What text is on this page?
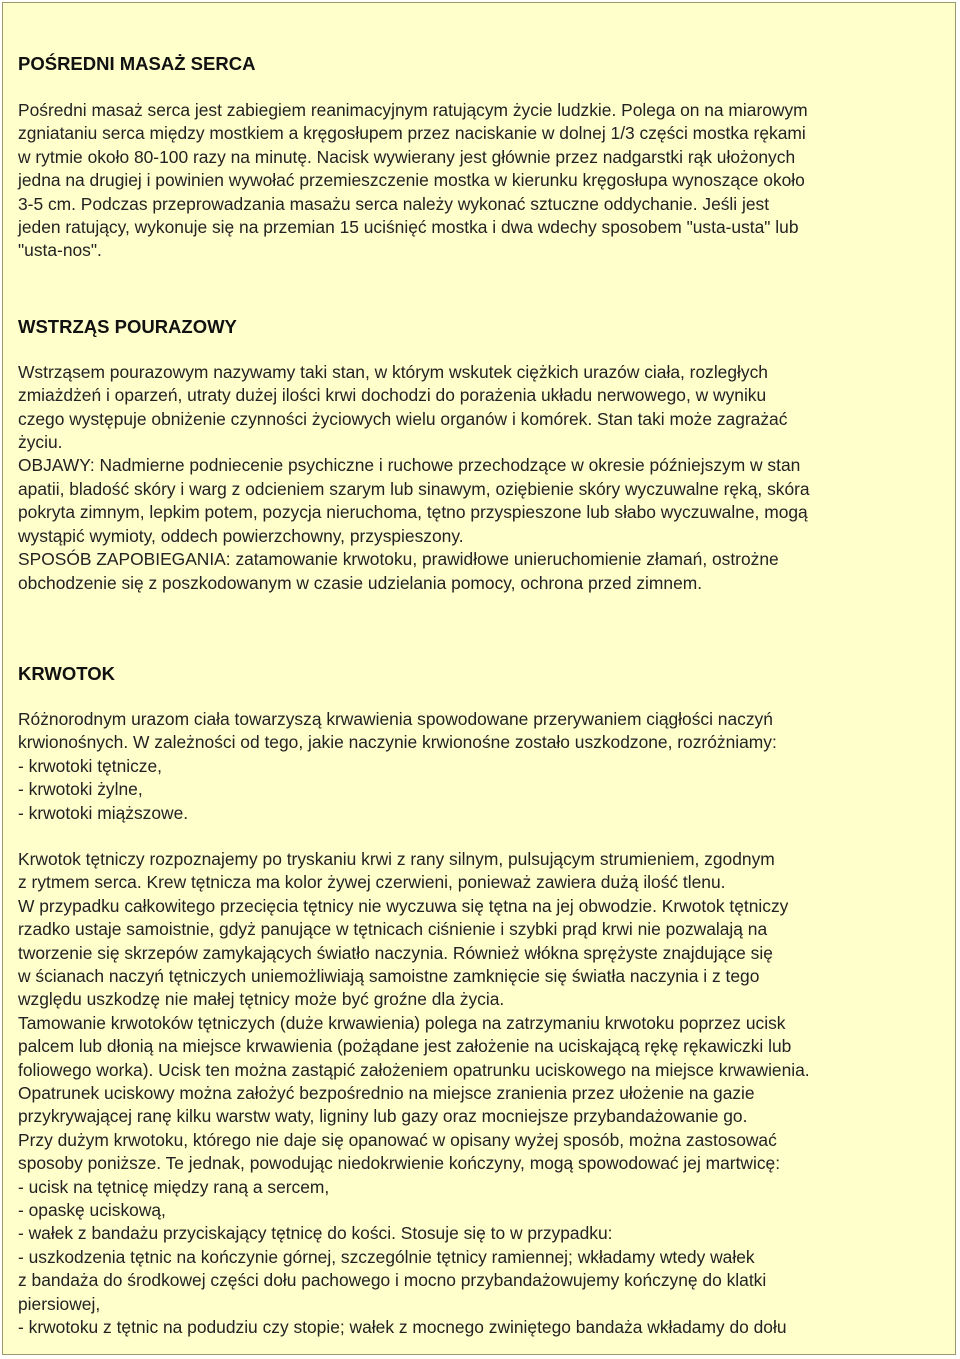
POŚREDNI MASAŻ SERCA
Pośredni masaż serca jest zabiegiem reanimacyjnym ratującym życie ludzkie. Polega on na miarowym
zgniataniu serca między mostkiem a kręgosłupem przez naciskanie w dolnej 1/3 części mostka rękami
w rytmie około 80-100 razy na minutę. Nacisk wywierany jest głównie przez nadgarstki rąk ułożonych
jedna na drugiej i powinien wywołać przemieszczenie mostka w kierunku kręgosłupa wynoszące około
3-5 cm. Podczas przeprowadzania masażu serca należy wykonać sztuczne oddychanie. Jeśli jest
jeden ratujący, wykonuje się na przemian 15 uciśnięć mostka i dwa wdechy sposobem "usta-usta" lub
"usta-nos".
WSTRZĄS POURAZOWY
Wstrząsem pourazowym nazywamy taki stan, w którym wskutek ciężkich urazów ciała, rozległych
zmiażdżeń i oparzeń, utraty dużej ilości krwi dochodzi do porażenia układu nerwowego, w wyniku
czego występuje obniżenie czynności życiowych wielu organów i komórek. Stan taki może zagrażać
życiu.
OBJAWY: Nadmierne podniecenie psychiczne i ruchowe przechodzące w okresie późniejszym w stan
apatii, bladość skóry i warg z odcieniem szarym lub sinawym, oziębienie skóry wyczuwalne ręką, skóra
pokryta zimnym, lepkim potem, pozycja nieruchoma, tętno przyspieszone lub słabo wyczuwalne, mogą
wystąpić wymioty, oddech powierzchowny, przyspieszony.
SPOSÓB ZAPOBIEGANIA: zatamowanie krwotoku, prawidłowe unieruchomienie złamań, ostrożne
obchodzenie się z poszkodowanym w czasie udzielania pomocy, ochrona przed zimnem.
KRWOTOK
Różnorodnym urazom ciała towarzyszą krwawienia spowodowane przerywaniem ciągłości naczyń
krwionośnych. W zależności od tego, jakie naczynie krwionośne zostało uszkodzone, rozróżniamy:
- krwotoki tętnicze,
- krwotoki żylne,
- krwotoki miąższowe.
Krwotok tętniczy rozpoznajemy po tryskaniu krwi z rany silnym, pulsującym strumieniem, zgodnym
z rytmem serca. Krew tętnicza ma kolor żywej czerwieni, ponieważ zawiera dużą ilość tlenu.
W przypadku całkowitego przecięcia tętnicy nie wyczuwa się tętna na jej obwodzie. Krwotok tętniczy
rzadko ustaje samoistnie, gdyż panujące w tętnicach ciśnienie i szybki prąd krwi nie pozwalają na
tworzenie się skrzepów zamykających światło naczynia. Również włókna sprężyste znajdujące się
w ścianach naczyń tętniczych uniemożliwiają samoistne zamknięcie się światła naczynia i z tego
względu uszkodzę nie małej tętnicy może być groźne dla życia.
Tamowanie krwotoków tętniczych (duże krwawienia) polega na zatrzymaniu krwotoku poprzez ucisk
palcem lub dłonią na miejsce krwawienia (pożądane jest założenie na uciskającą rękę rękawiczki lub
foliowego worka). Ucisk ten można zastąpić założeniem opatrunku uciskowego na miejsce krwawienia.
Opatrunek uciskowy można założyć bezpośrednio na miejsce zranienia przez ułożenie na gazie
przykrywającej ranę kilku warstw waty, ligniny lub gazy oraz mocniejsze przybandażowanie go.
Przy dużym krwotoku, którego nie daje się opanować w opisany wyżej sposób, można zastosować
sposoby poniższe. Te jednak, powodując niedokrwienie kończyny, mogą spowodować jej martwicę:
- ucisk na tętnicę między raną a sercem,
- opaskę uciskową,
- wałek z bandażu przyciskający tętnicę do kości. Stosuje się to w przypadku:
- uszkodzenia tętnic na kończynie górnej, szczególnie tętnicy ramiennej; wkładamy wtedy wałek
z bandaża do środkowej części dołu pachowego i mocno przybandażowujemy kończynę do klatki
piersiowej,
- krwotoku z tętnic na podudziu czy stopie; wałek z mocnego zwiniętego bandaża wkładamy do dołu
